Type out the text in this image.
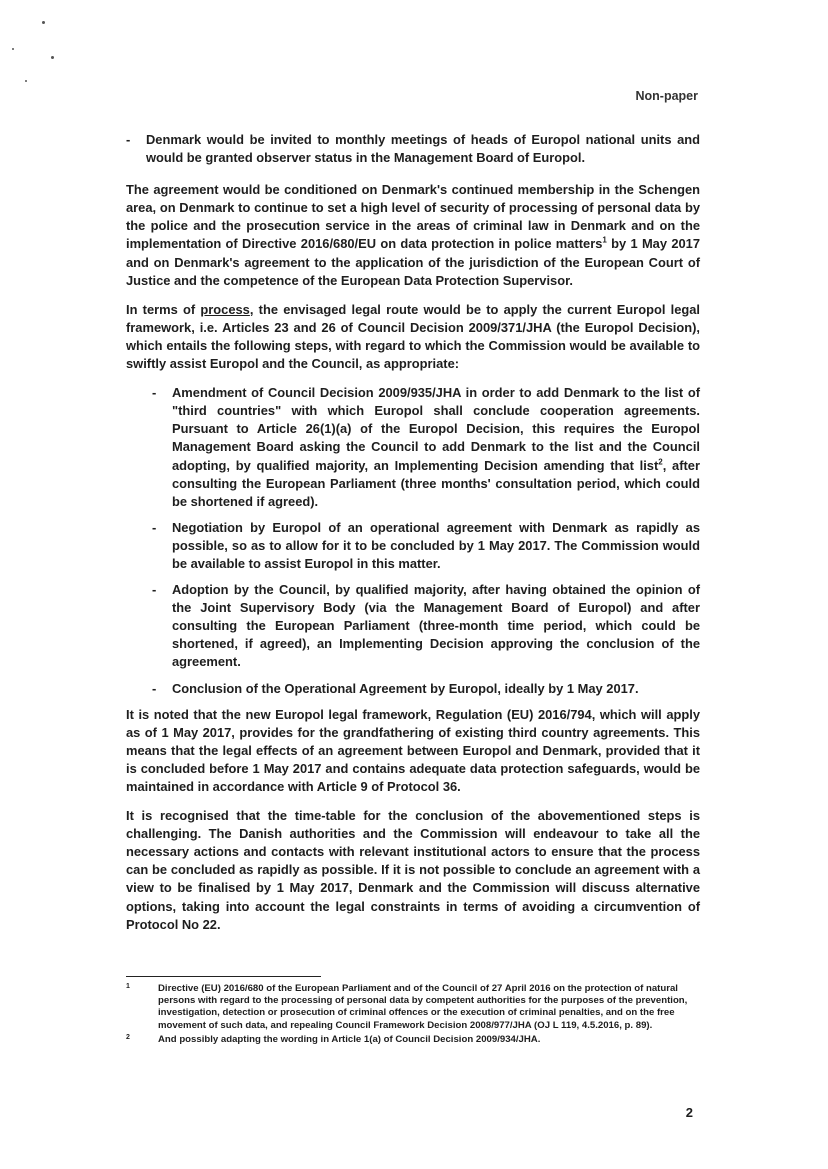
Non-paper
- Denmark would be invited to monthly meetings of heads of Europol national units and would be granted observer status in the Management Board of Europol.

The agreement would be conditioned on Denmark's continued membership in the Schengen area, on Denmark to continue to set a high level of security of processing of personal data by the police and the prosecution service in the areas of criminal law in Denmark and on the implementation of Directive 2016/680/EU on data protection in police matters$^1$ by 1 May 2017 and on Denmark's agreement to the application of the jurisdiction of the European Court of Justice and the competence of the European Data Protection Supervisor.

In terms of process, the envisaged legal route would be to apply the current Europol legal framework, i.e. Articles 23 and 26 of Council Decision 2009/371/JHA (the Europol Decision), which entails the following steps, with regard to which the Commission would be available to swiftly assist Europol and the Council, as appropriate:

- Amendment of Council Decision 2009/935/JHA in order to add Denmark to the list of "third countries" with which Europol shall conclude cooperation agreements. Pursuant to Article 26(1)(a) of the Europol Decision, this requires the Europol Management Board asking the Council to add Denmark to the list and the Council adopting, by qualified majority, an Implementing Decision amending that list$^2$, after consulting the European Parliament (three months' consultation period, which could be shortened if agreed).
- Negotiation by Europol of an operational agreement with Denmark as rapidly as possible, so as to allow for it to be concluded by 1 May 2017. The Commission would be available to assist Europol in this matter.
- Adoption by the Council, by qualified majority, after having obtained the opinion of the Joint Supervisory Body (via the Management Board of Europol) and after consulting the European Parliament (three-month time period, which could be shortened, if agreed), an Implementing Decision approving the conclusion of the agreement.
- Conclusion of the Operational Agreement by Europol, ideally by 1 May 2017.

It is noted that the new Europol legal framework, Regulation (EU) 2016/794, which will apply as of 1 May 2017, provides for the grandfathering of existing third country agreements. This means that the legal effects of an agreement between Europol and Denmark, provided that it is concluded before 1 May 2017 and contains adequate data protection safeguards, would be maintained in accordance with Article 9 of Protocol 36.

It is recognised that the time-table for the conclusion of the abovementioned steps is challenging. The Danish authorities and the Commission will endeavour to take all the necessary actions and contacts with relevant institutional actors to ensure that the process can be concluded as rapidly as possible. If it is not possible to conclude an agreement with a view to be finalised by 1 May 2017, Denmark and the Commission will discuss alternative options, taking into account the legal constraints in terms of avoiding a circumvention of Protocol No 22.

1	Directive (EU) 2016/680 of the European Parliament and of the Council of 27 April 2016 on the protection of natural persons with regard to the processing of personal data by competent authorities for the purposes of the prevention, investigation, detection or prosecution of criminal offences or the execution of criminal penalties, and on the free movement of such data, and repealing Council Framework Decision 2008/977/JHA (OJ L 119, 4.5.2016, p. 89).
2	And possibly adapting the wording in Article 1(a) of Council Decision 2009/934/JHA.
2
